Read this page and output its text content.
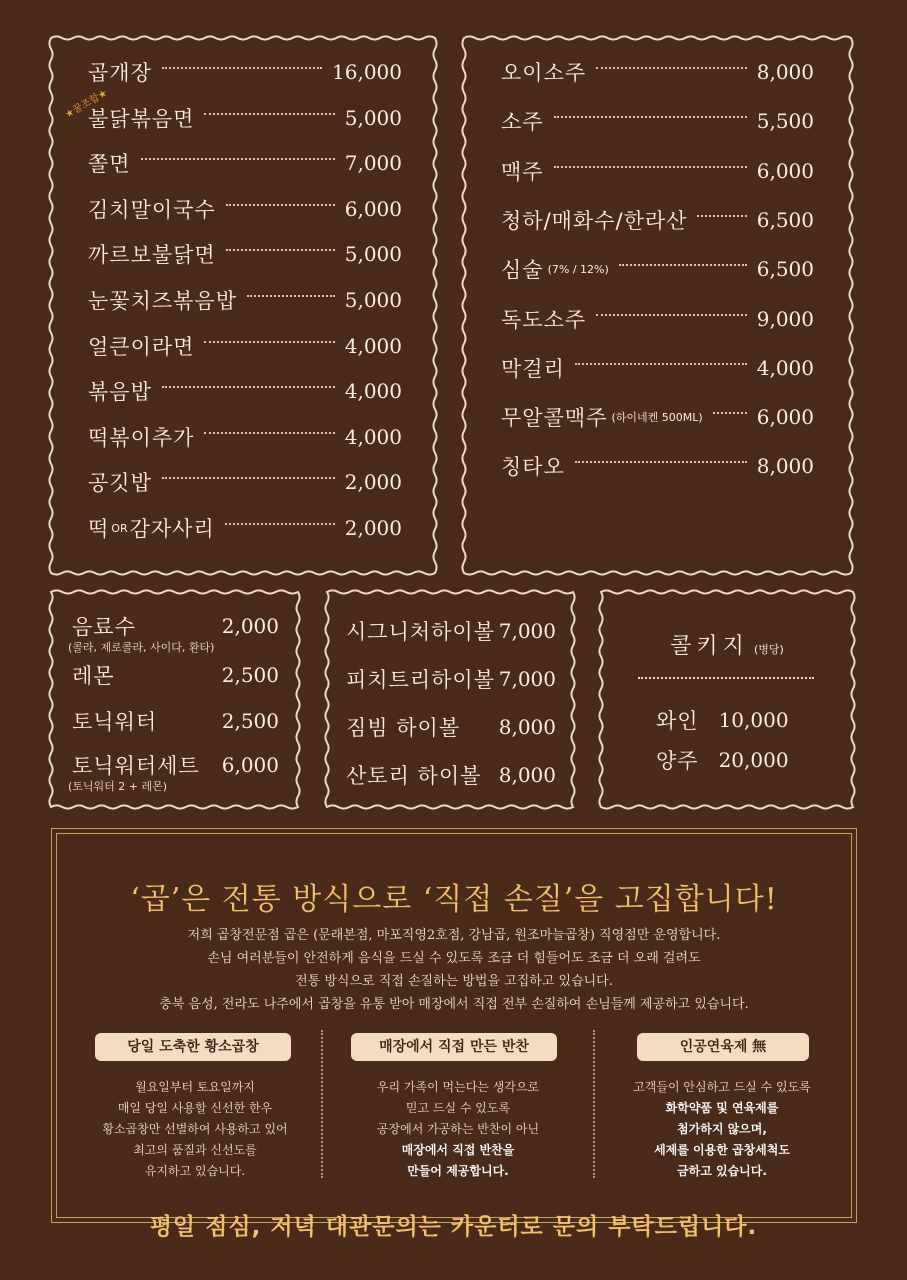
곱개장	16,000
불닭볶음면	5,000
★꿀조합★
쫄면	7,000
김치말이국수	6,000
까르보불닭면	5,000
눈꽃치즈볶음밥	5,000
얼큰이라면	4,000
볶음밥	4,000
떡볶이추가	4,000
공깃밥	2,000
떡 OR 감자사리	2,000
오이소주	8,000
소주	5,500
맥주	6,000
청하/매화수/한라산	6,500
심술 (7% / 12%)	6,500
독도소주	9,000
막걸리	4,000
무알콜맥주 (하이네켄 500ML)	6,000
칭타오	8,000
음료수	2,000
(콜라, 제로콜라, 사이다, 환타)
레몬	2,500
토닉워터	2,500
토닉워터세트 6,000
(토닉워터 2 + 레몬)
시그니처하이볼 7,000
피치트리하이볼 7,000
짐빔 하이볼 8,000
산토리 하이볼 8,000
콜키지 (병당)
와인 10,000
양주 20,000
‘곱’은 전통 방식으로 ‘직접 손질’을 고집합니다!
저희 곱창전문점 곱은 (문래본점, 마포직영2호점, 강남곱, 원조마늘곱창) 직영점만 운영합니다.
손님 여러분들이 안전하게 음식을 드실 수 있도록 조금 더 힘들어도 조금 더 오래 걸려도
전통 방식으로 직접 손질하는 방법을 고집하고 있습니다.
충북 음성, 전라도 나주에서 곱창을 유통 받아 매장에서 직접 전부 손질하여 손님들께 제공하고 있습니다.
당일 도축한 황소곱창	매장에서 직접 만든 반찬	인공연육제 無
월요일부터 토요일까지
매일 당일 사용할 신선한 한우
황소곱창만 선별하여 사용하고 있어
최고의 품질과 신선도를
유지하고 있습니다.
우리 가족이 먹는다는 생각으로
믿고 드실 수 있도록
공장에서 가공하는 반찬이 아닌
매장에서 직접 반찬을
만들어 제공합니다.
고객들이 안심하고 드실 수 있도록
화학약품 및 연육제를
첨가하지 않으며,
세제를 이용한 곱창세척도
금하고 있습니다.
평일 점심, 저녁 대관문의는 카운터로 문의 부탁드립니다.
